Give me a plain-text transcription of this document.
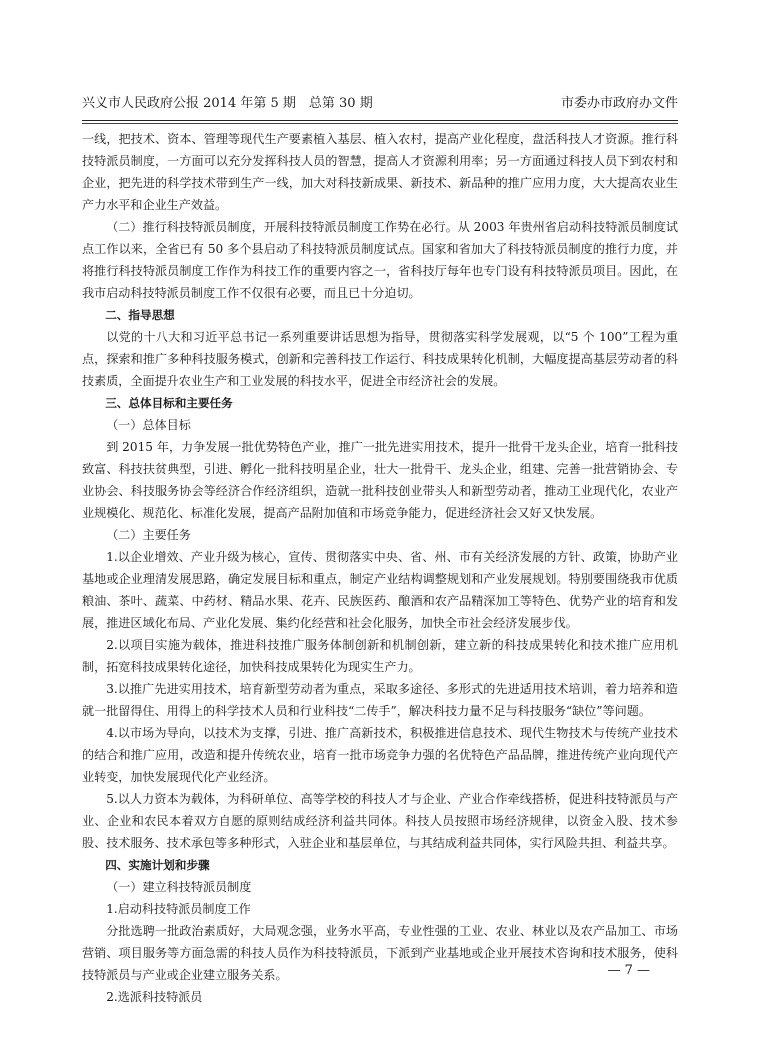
兴义市人民政府公报 2014 年第 5 期　总第 30 期	市委办市政府办文件

一线，把技术、资本、管理等现代生产要素植入基层、植入农村，提高产业化程度，盘活科技人才资源。推行科技特派员制度，一方面可以充分发挥科技人员的智慧，提高人才资源利用率；另一方面通过科技人员下到农村和企业，把先进的科学技术带到生产一线，加大对科技新成果、新技术、新品种的推广应用力度，大大提高农业生产力水平和企业生产效益。

（二）推行科技特派员制度，开展科技特派员制度工作势在必行。从 2003 年贵州省启动科技特派员制度试点工作以来，全省已有 50 多个县启动了科技特派员制度试点。国家和省加大了科技特派员制度的推行力度，并将推行科技特派员制度工作作为科技工作的重要内容之一，省科技厅每年也专门设有科技特派员项目。因此，在我市启动科技特派员制度工作不仅很有必要，而且已十分迫切。

二、指导思想

以党的十八大和习近平总书记一系列重要讲话思想为指导，贯彻落实科学发展观，以“5 个 100”工程为重点，探索和推广多种科技服务模式，创新和完善科技工作运行、科技成果转化机制，大幅度提高基层劳动者的科技素质，全面提升农业生产和工业发展的科技水平，促进全市经济社会的发展。

三、总体目标和主要任务

（一）总体目标

到 2015 年，力争发展一批优势特色产业，推广一批先进实用技术，提升一批骨干龙头企业，培育一批科技致富、科技扶贫典型，引进、孵化一批科技明星企业，壮大一批骨干、龙头企业，组建、完善一批营销协会、专业协会、科技服务协会等经济合作经济组织，造就一批科技创业带头人和新型劳动者，推动工业现代化，农业产业规模化、规范化、标准化发展，提高产品附加值和市场竞争能力，促进经济社会又好又快发展。

（二）主要任务

1.以企业增效、产业升级为核心，宣传、贯彻落实中央、省、州、市有关经济发展的方针、政策，协助产业基地或企业理清发展思路，确定发展目标和重点，制定产业结构调整规划和产业发展规划。特别要围绕我市优质粮油、茶叶、蔬菜、中药材、精品水果、花卉、民族医药、酿酒和农产品精深加工等特色、优势产业的培育和发展，推进区域化布局、产业化发展、集约化经营和社会化服务，加快全市社会经济发展步伐。

2.以项目实施为载体，推进科技推广服务体制创新和机制创新，建立新的科技成果转化和技术推广应用机制，拓宽科技成果转化途径，加快科技成果转化为现实生产力。

3.以推广先进实用技术，培育新型劳动者为重点，采取多途径、多形式的先进适用技术培训，着力培养和造就一批留得住、用得上的科学技术人员和行业科技“二传手”，解决科技力量不足与科技服务“缺位”等问题。

4.以市场为导向，以技术为支撑，引进、推广高新技术，积极推进信息技术、现代生物技术与传统产业技术的结合和推广应用，改造和提升传统农业，培育一批市场竞争力强的名优特色产品品牌，推进传统产业向现代产业转变，加快发展现代化产业经济。

5.以人力资本为载体，为科研单位、高等学校的科技人才与企业、产业合作牵线搭桥，促进科技特派员与产业、企业和农民本着双方自愿的原则结成经济利益共同体。科技人员按照市场经济规律，以资金入股、技术参股、技术服务、技术承包等多种形式，入驻企业和基层单位，与其结成利益共同体，实行风险共担、利益共享。

四、实施计划和步骤

（一）建立科技特派员制度

1.启动科技特派员制度工作

分批选聘一批政治素质好，大局观念强，业务水平高，专业性强的工业、农业、林业以及农产品加工、市场营销、项目服务等方面急需的科技人员作为科技特派员，下派到产业基地或企业开展技术咨询和技术服务，使科技特派员与产业或企业建立服务关系。

2.选派科技特派员

— 7 —
